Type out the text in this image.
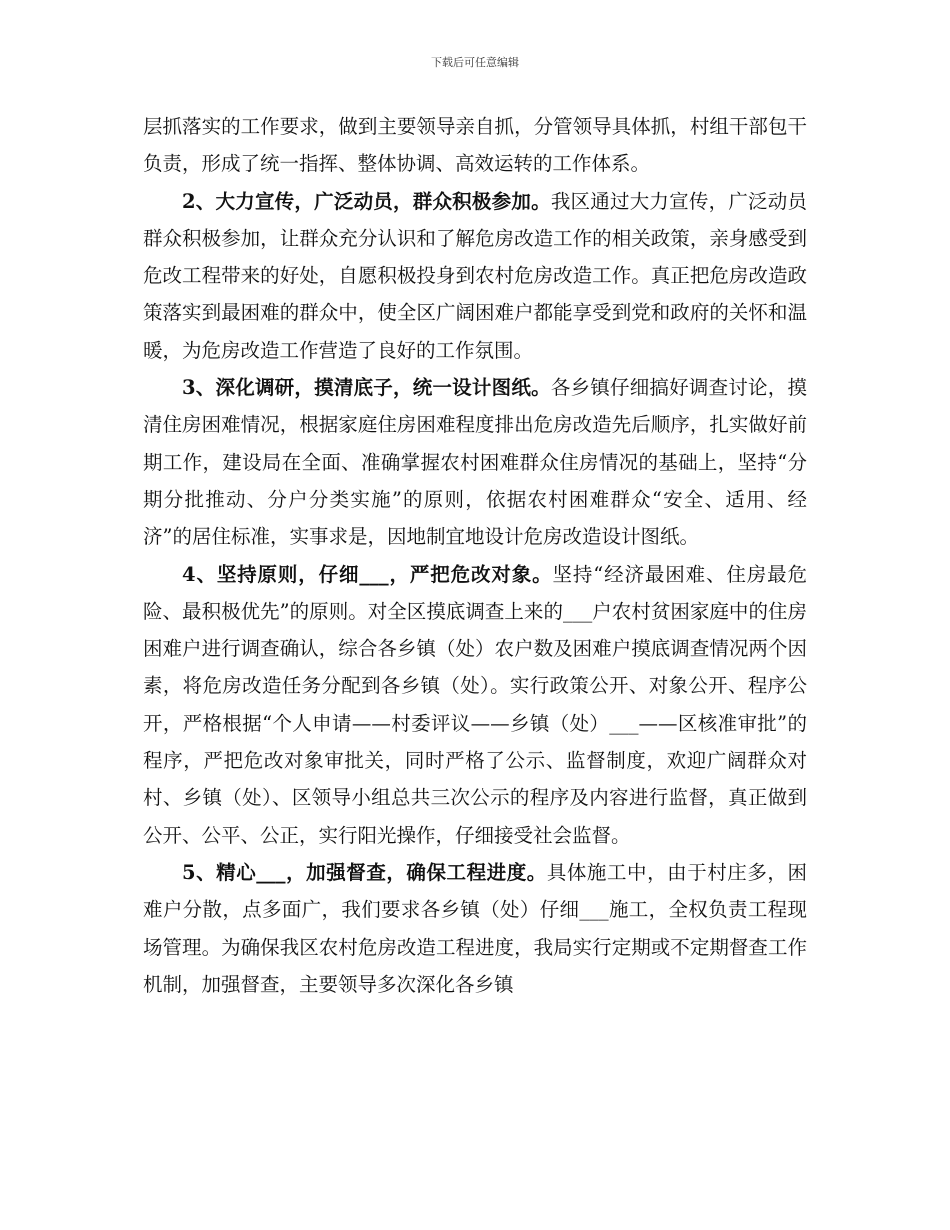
下载后可任意编辑

层抓落实的工作要求，做到主要领导亲自抓，分管领导具体抓，村组干部包干负责，形成了统一指挥、整体协调、高效运转的工作体系。

2、大力宣传，广泛动员，群众积极参加。我区通过大力宣传，广泛动员群众积极参加，让群众充分认识和了解危房改造工作的相关政策，亲身感受到危改工程带来的好处，自愿积极投身到农村危房改造工作。真正把危房改造政策落实到最困难的群众中，使全区广阔困难户都能享受到党和政府的关怀和温暖，为危房改造工作营造了良好的工作氛围。

3、深化调研，摸清底子，统一设计图纸。各乡镇仔细搞好调查讨论，摸清住房困难情况，根据家庭住房困难程度排出危房改造先后顺序，扎实做好前期工作，建设局在全面、准确掌握农村困难群众住房情况的基础上，坚持“分期分批推动、分户分类实施”的原则，依据农村困难群众“安全、适用、经济”的居住标准，实事求是，因地制宜地设计危房改造设计图纸。

4、坚持原则，仔细___，严把危改对象。坚持“经济最困难、住房最危险、最积极优先”的原则。对全区摸底调查上来的___户农村贫困家庭中的住房困难户进行调查确认，综合各乡镇（处）农户数及困难户摸底调查情况两个因素，将危房改造任务分配到各乡镇（处）。实行政策公开、对象公开、程序公开，严格根据“个人申请——村委评议——乡镇（处）___——区核准审批”的程序，严把危改对象审批关，同时严格了公示、监督制度，欢迎广阔群众对村、乡镇（处）、区领导小组总共三次公示的程序及内容进行监督，真正做到公开、公平、公正，实行阳光操作，仔细接受社会监督。

5、精心___，加强督查，确保工程进度。具体施工中，由于村庄多，困难户分散，点多面广，我们要求各乡镇（处）仔细___施工，全权负责工程现场管理。为确保我区农村危房改造工程进度，我局实行定期或不定期督查工作机制，加强督查，主要领导多次深化各乡镇
